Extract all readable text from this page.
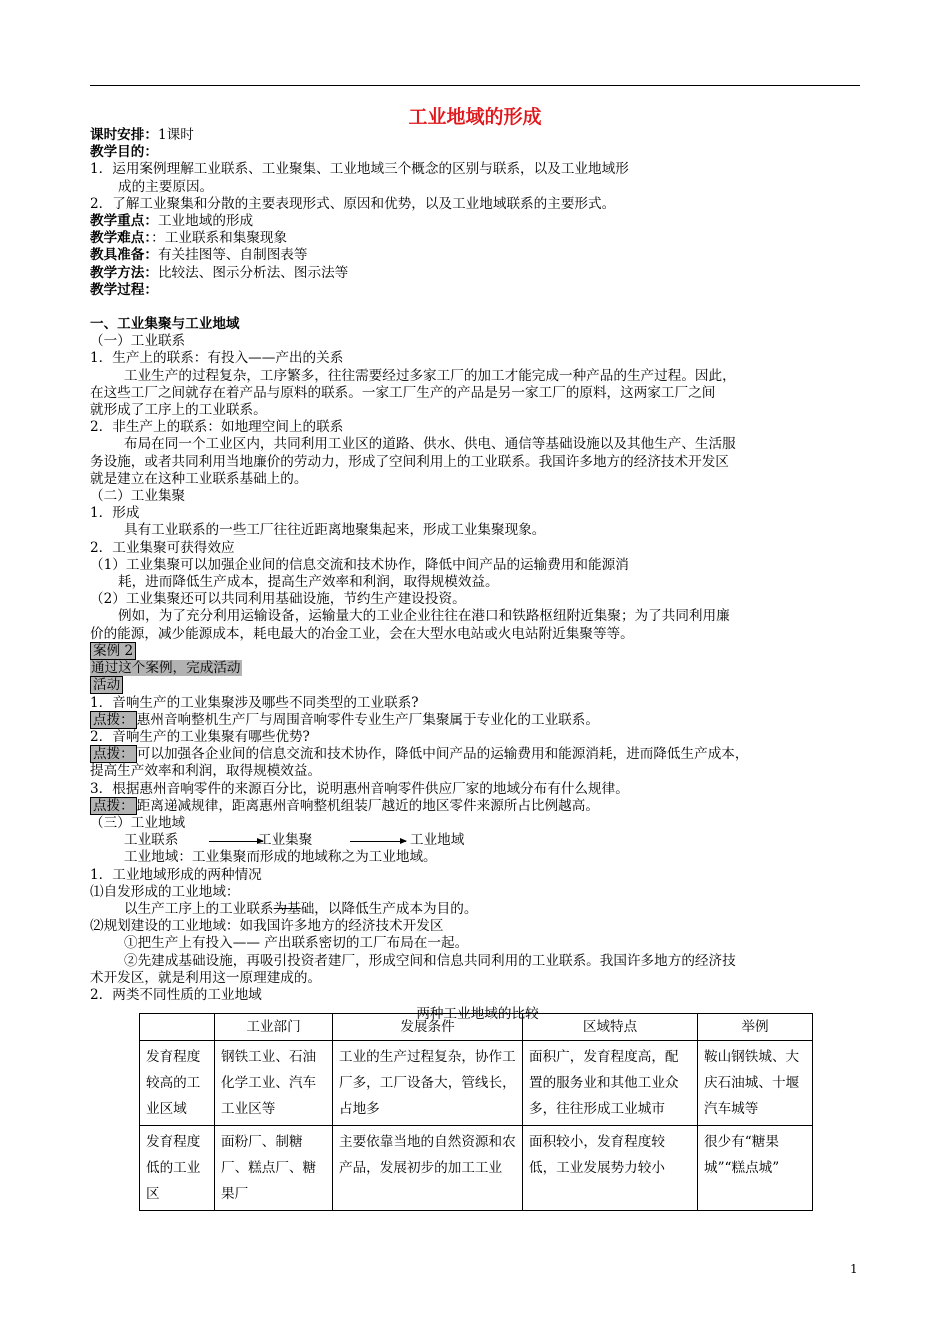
工业地域的形成
课时安排：1课时
教学目的：
1．运用案例理解工业联系、工业聚集、工业地域三个概念的区别与联系，以及工业地域形
成的主要原因。
2．了解工业聚集和分散的主要表现形式、原因和优势，以及工业地域联系的主要形式。
教学重点：工业地域的形成
教学难点：：工业联系和集聚现象
教具准备：有关挂图等、自制图表等
教学方法：比较法、图示分析法、图示法等
教学过程：
一、工业集聚与工业地域
（一）工业联系
1．生产上的联系：有投入——产出的关系
工业生产的过程复杂，工序繁多，往往需要经过多家工厂的加工才能完成一种产品的生产过程。因此，
在这些工厂之间就存在着产品与原料的联系。一家工厂生产的产品是另一家工厂的原料，这两家工厂之间
就形成了工序上的工业联系。
2．非生产上的联系：如地理空间上的联系
布局在同一个工业区内，共同利用工业区的道路、供水、供电、通信等基础设施以及其他生产、生活服
务设施，或者共同利用当地廉价的劳动力，形成了空间利用上的工业联系。我国许多地方的经济技术开发区
就是建立在这种工业联系基础上的。
（二）工业集聚
1．形成
具有工业联系的一些工厂往往近距离地聚集起来，形成工业集聚现象。
2．工业集聚可获得效应
（1）工业集聚可以加强企业间的信息交流和技术协作，降低中间产品的运输费用和能源消
耗，进而降低生产成本，提高生产效率和利润，取得规模效益。
（2）工业集聚还可以共同利用基础设施，节约生产建设投资。
例如，为了充分利用运输设备，运输量大的工业企业往往在港口和铁路枢纽附近集聚；为了共同利用廉
价的能源，减少能源成本，耗电最大的冶金工业，会在大型水电站或火电站附近集聚等等。
案例 2
通过这个案例，完成活动
活动
1．音响生产的工业集聚涉及哪些不同类型的工业联系?
点拨： 惠州音响整机生产厂与周围音响零件专业生产厂集聚属于专业化的工业联系。
2．音响生产的工业集聚有哪些优势?
点拨： 可以加强各企业间的信息交流和技术协作，降低中间产品的运输费用和能源消耗，进而降低生产成本，
提高生产效率和利润，取得规模效益。
3．根据惠州音响零件的来源百分比，说明惠州音响零件供应厂家的地域分布有什么规律。
点拨： 距离递减规律，距离惠州音响整机组装厂越近的地区零件来源所占比例越高。
（三）工业地域
工业联系	工业集聚	工业地域
工业地域：工业集聚而形成的地域称之为工业地域。
1．工业地域形成的两种情况
⑴自发形成的工业地域：
以生产工序上的工业联系为基础，以降低生产成本为目的。
⑵规划建设的工业地域：如我国许多地方的经济技术开发区
①把生产上有投入—— 产出联系密切的工厂布局在一起。
②先建成基础设施，再吸引投资者建厂，形成空间和信息共同利用的工业联系。我国许多地方的经济技
术开发区，就是利用这一原理建成的。
2．两类不同性质的工业地域
两种工业地域的比较
	工业部门	发展条件	区域特点	举例
发育程度较高的工业区域	钢铁工业、石油化学工业、汽车工业区等	工业的生产过程复杂，协作工厂多，工厂设备大，管线长，占地多	面积广，发育程度高，配置的服务业和其他工业众多，往往形成工业城市	鞍山钢铁城、大庆石油城、十堰汽车城等
发育程度低的工业区	面粉厂、制糖厂、糕点厂、糖果厂	主要依靠当地的自然资源和农产品，发展初步的加工工业	面积较小，发育程度较低，工业发展势力较小	很少有“糖果城”“糕点城”
1
